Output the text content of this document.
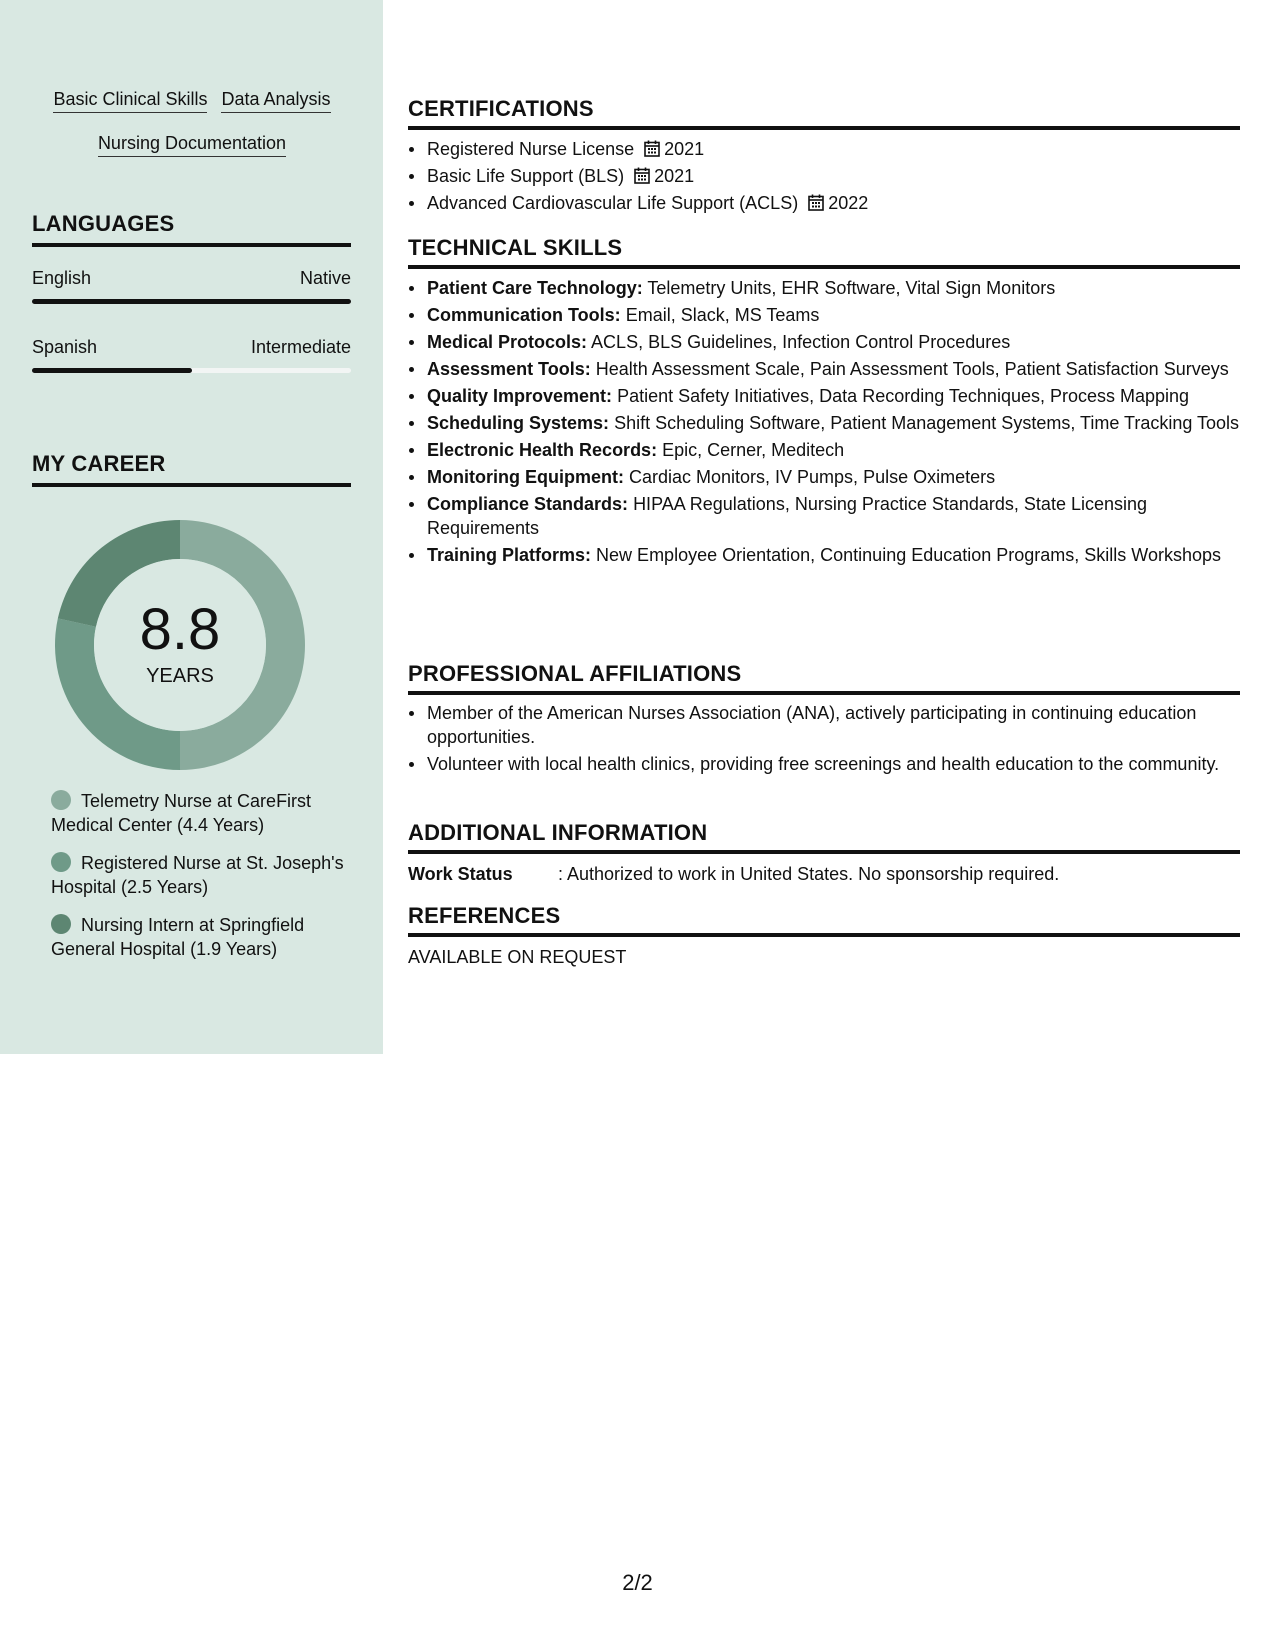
Basic Clinical Skills Data Analysis
Nursing Documentation
LANGUAGES
English	Native
Spanish	Intermediate
MY CAREER
8.8
YEARS
Telemetry Nurse at CareFirst Medical Center (4.4 Years)
Registered Nurse at St. Joseph's Hospital (2.5 Years)
Nursing Intern at Springfield General Hospital (1.9 Years)
CERTIFICATIONS
Registered Nurse License 2021
Basic Life Support (BLS) 2021
Advanced Cardiovascular Life Support (ACLS) 2022
TECHNICAL SKILLS
Patient Care Technology: Telemetry Units, EHR Software, Vital Sign Monitors
Communication Tools: Email, Slack, MS Teams
Medical Protocols: ACLS, BLS Guidelines, Infection Control Procedures
Assessment Tools: Health Assessment Scale, Pain Assessment Tools, Patient Satisfaction Surveys
Quality Improvement: Patient Safety Initiatives, Data Recording Techniques, Process Mapping
Scheduling Systems: Shift Scheduling Software, Patient Management Systems, Time Tracking Tools
Electronic Health Records: Epic, Cerner, Meditech
Monitoring Equipment: Cardiac Monitors, IV Pumps, Pulse Oximeters
Compliance Standards: HIPAA Regulations, Nursing Practice Standards, State Licensing Requirements
Training Platforms: New Employee Orientation, Continuing Education Programs, Skills Workshops
PROFESSIONAL AFFILIATIONS
Member of the American Nurses Association (ANA), actively participating in continuing education opportunities.
Volunteer with local health clinics, providing free screenings and health education to the community.
ADDITIONAL INFORMATION
Work Status	: Authorized to work in United States. No sponsorship required.
REFERENCES
AVAILABLE ON REQUEST
2/2
